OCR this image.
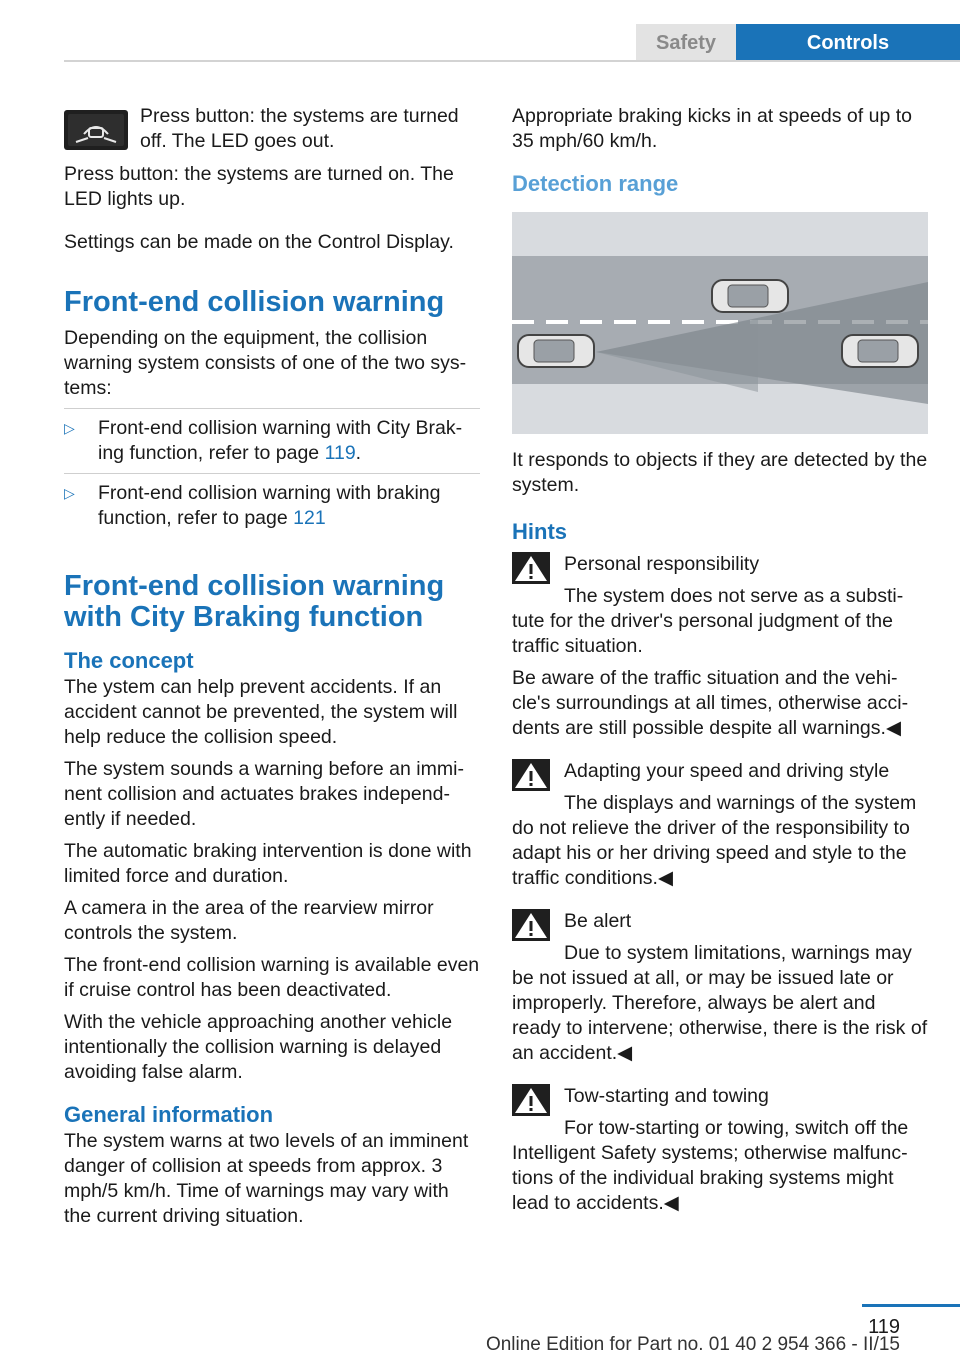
Safety	Controls

Press button: the systems are turned off. The LED goes out.

Press button: the systems are turned on. The LED lights up.

Settings can be made on the Control Display.

Front-end collision warning

Depending on the equipment, the collision warning system consists of one of the two systems:

▷ Front-end collision warning with City Braking function, refer to page 119.
▷ Front-end collision warning with braking function, refer to page 121
Front-end collision warning with City Braking function
The concept

The ystem can help prevent accidents. If an accident cannot be prevented, the system will help reduce the collision speed.

The system sounds a warning before an imminent collision and actuates brakes independently if needed.

The automatic braking intervention is done with limited force and duration.

A camera in the area of the rearview mirror controls the system.

The front-end collision warning is available even if cruise control has been deactivated.

With the vehicle approaching another vehicle intentionally the collision warning is delayed avoiding false alarm.

General information

The system warns at two levels of an imminent danger of collision at speeds from approx. 3 mph/5 km/h. Time of warnings may vary with the current driving situation.

Appropriate braking kicks in at speeds of up to 35 mph/60 km/h.

Detection range

It responds to objects if they are detected by the system.

Hints

Personal responsibility

The system does not serve as a substitute for the driver's personal judgment of the traffic situation.

Be aware of the traffic situation and the vehicle's surroundings at all times, otherwise accidents are still possible despite all warnings.◀

Adapting your speed and driving style

The displays and warnings of the system do not relieve the driver of the responsibility to adapt his or her driving speed and style to the traffic conditions.◀

Be alert

Due to system limitations, warnings may be not issued at all, or may be issued late or improperly. Therefore, always be alert and ready to intervene; otherwise, there is the risk of an accident.◀

Tow-starting and towing

For tow-starting or towing, switch off the Intelligent Safety systems; otherwise malfunctions of the individual braking systems might lead to accidents.◀

119
Online Edition for Part no. 01 40 2 954 366 - II/15
